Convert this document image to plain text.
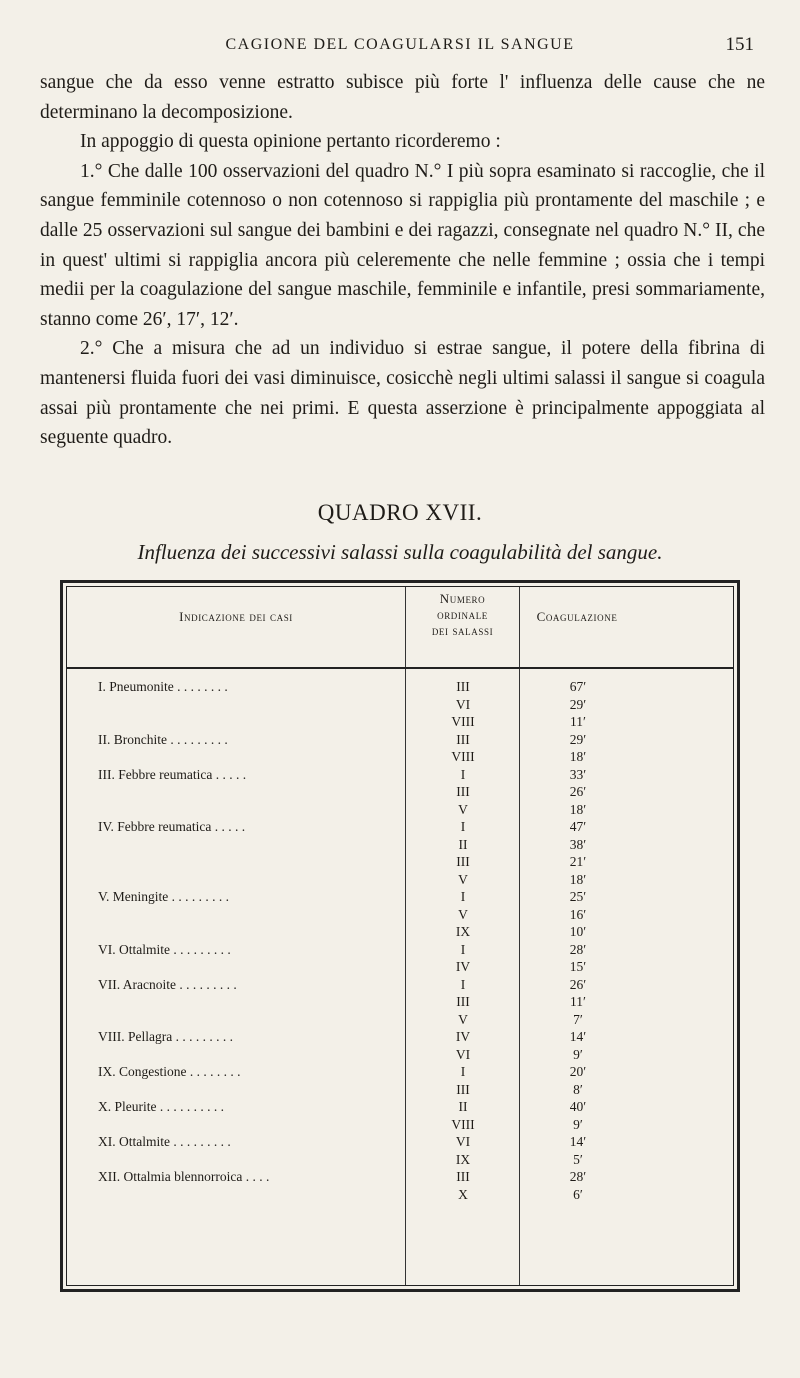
CAGIONE DEL COAGULARSI IL SANGUE	151

sangue che da esso venne estratto subisce più forte l' influenza delle cause che ne determinano la decomposizione.

In appoggio di questa opinione pertanto ricorderemo :

1.° Che dalle 100 osservazioni del quadro N.° I più sopra esaminato si raccoglie, che il sangue femminile cotennoso o non cotennoso si rappiglia più prontamente del maschile ; e dalle 25 osservazioni sul sangue dei bambini e dei ragazzi, consegnate nel quadro N.° II, che in quest' ultimi si rappiglia ancora più celeremente che nelle femmine ; ossia che i tempi medii per la coagulazione del sangue maschile, femminile e infantile, presi sommariamente, stanno come 26′, 17′, 12′.

2.° Che a misura che ad un individuo si estrae sangue, il potere della fibrina di mantenersi fluida fuori dei vasi diminuisce, cosicchè negli ultimi salassi il sangue si coagula assai più prontamente che nei primi. E questa asserzione è principalmente appoggiata al seguente quadro.

QUADRO XVII.
Influenza dei successivi salassi sulla coagulabilità del sangue.
Indicazione dei casi
Numero
ordinale
dei salassi
Coagulazione
I. Pneumonite . . . . . . . .	III	67′
VI	29′
VIII	11′
II. Bronchite . . . . . . . . .	III	29′
VIII	18′
III. Febbre reumatica . . . . .	I	33′
III	26′
V	18′
IV. Febbre reumatica . . . . .	I	47′
II	38′
III	21′
V	18′
V. Meningite . . . . . . . . .	I	25′
V	16′
IX	10′
VI. Ottalmite . . . . . . . . .	I	28′
IV	15′
VII. Aracnoite . . . . . . . . .	I	26′
III	11′
V	7′
VIII. Pellagra . . . . . . . . .	IV	14′
VI	9′
IX. Congestione . . . . . . . .	I	20′
III	8′
X. Pleurite . . . . . . . . . .	II	40′
VIII	9′
XI. Ottalmite . . . . . . . . .	VI	14′
IX	5′
XII. Ottalmia blennorroica . . . .	III	28′
X	6′
